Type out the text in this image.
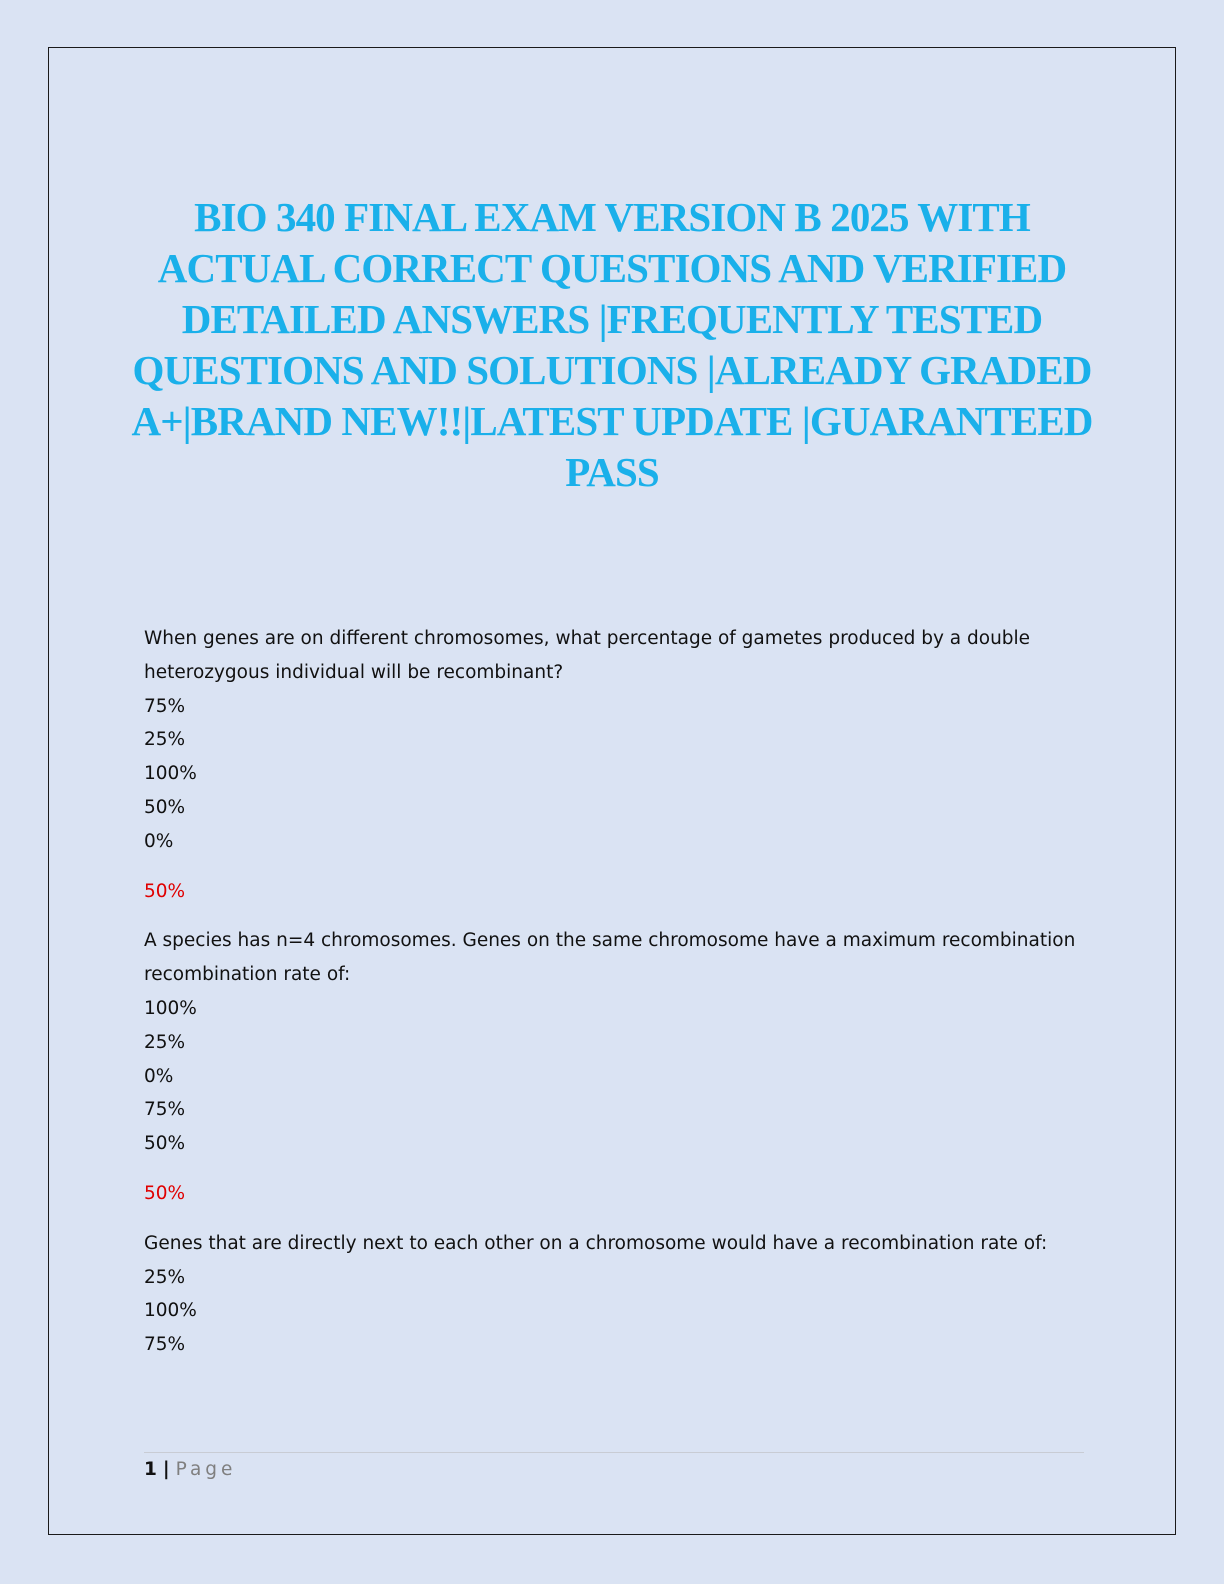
BIO 340 FINAL EXAM VERSION B 2025 WITH ACTUAL CORRECT QUESTIONS AND VERIFIED DETAILED ANSWERS |FREQUENTLY TESTED QUESTIONS AND SOLUTIONS |ALREADY GRADED A+|BRAND NEW!!|LATEST UPDATE |GUARANTEED PASS

When genes are on different chromosomes, what percentage of gametes produced by a double heterozygous individual will be recombinant?

75%

25%

100%

50%

0%

50%

A species has n=4 chromosomes. Genes on the same chromosome have a maximum recombination recombination rate of:

100%

25%

0%

75%

50%

50%

Genes that are directly next to each other on a chromosome would have a recombination rate of:

25%

100%

75%

1 | Page
